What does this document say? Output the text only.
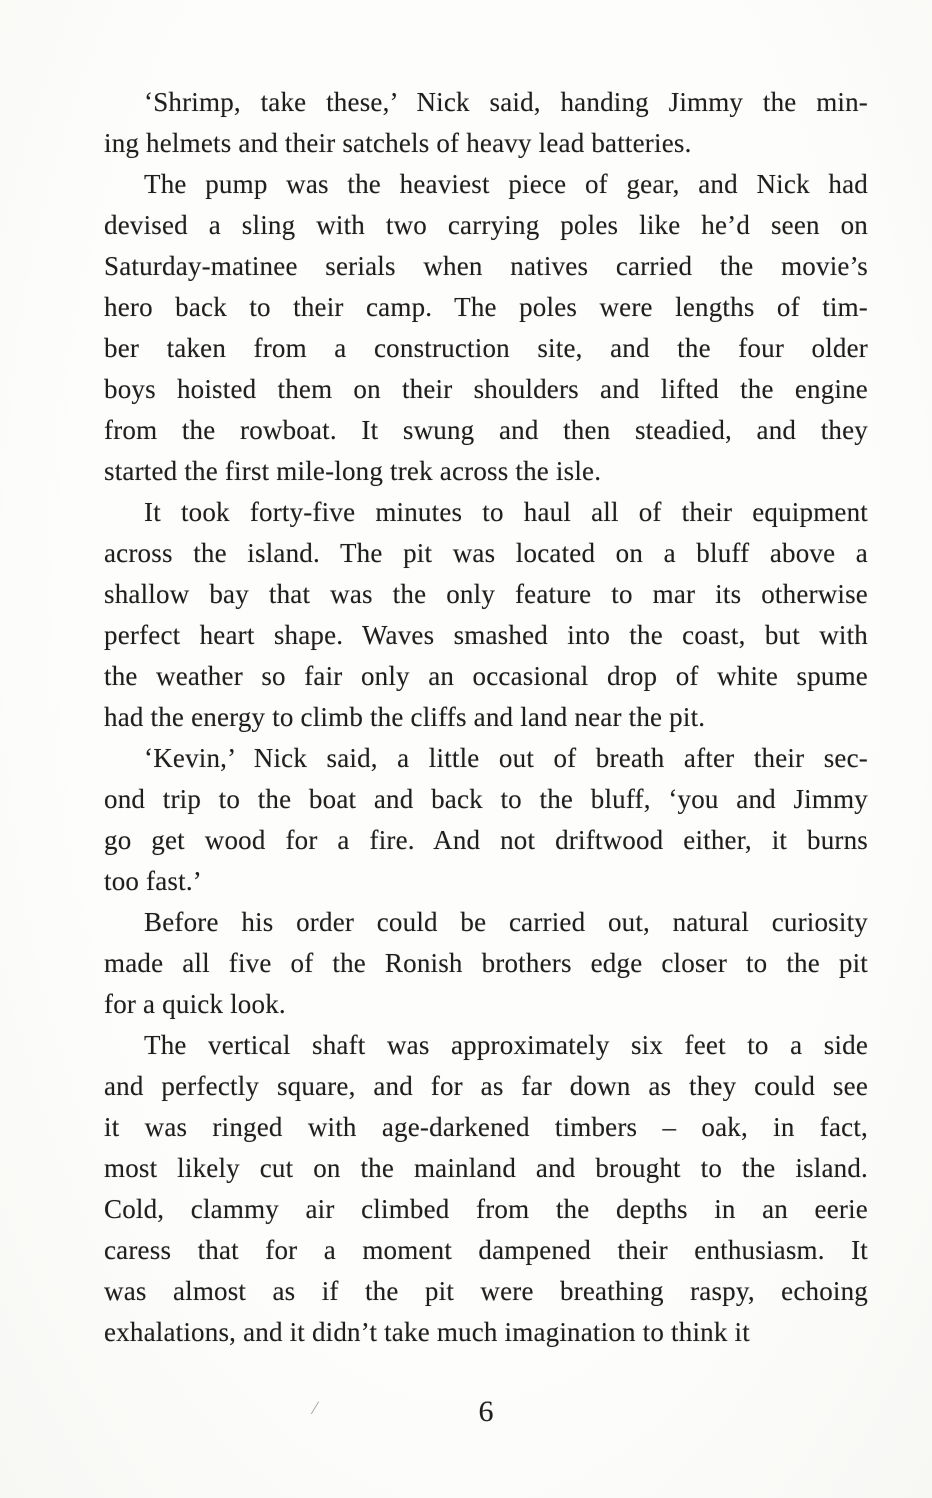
‘Shrimp, take these,’ Nick said, handing Jimmy the min-
ing helmets and their satchels of heavy lead batteries.
The pump was the heaviest piece of gear, and Nick had
devised a sling with two carrying poles like he’d seen on
Saturday-matinee serials when natives carried the movie’s
hero back to their camp. The poles were lengths of tim-
ber taken from a construction site, and the four older
boys hoisted them on their shoulders and lifted the engine
from the rowboat. It swung and then steadied, and they
started the first mile-long trek across the isle.
It took forty-five minutes to haul all of their equipment
across the island. The pit was located on a bluff above a
shallow bay that was the only feature to mar its otherwise
perfect heart shape. Waves smashed into the coast, but with
the weather so fair only an occasional drop of white spume
had the energy to climb the cliffs and land near the pit.
‘Kevin,’ Nick said, a little out of breath after their sec-
ond trip to the boat and back to the bluff, ‘you and Jimmy
go get wood for a fire. And not driftwood either, it burns
too fast.’
Before his order could be carried out, natural curiosity
made all five of the Ronish brothers edge closer to the pit
for a quick look.
The vertical shaft was approximately six feet to a side
and perfectly square, and for as far down as they could see
it was ringed with age-darkened timbers – oak, in fact,
most likely cut on the mainland and brought to the island.
Cold, clammy air climbed from the depths in an eerie
caress that for a moment dampened their enthusiasm. It
was almost as if the pit were breathing raspy, echoing
exhalations, and it didn’t take much imagination to think it
/	6
